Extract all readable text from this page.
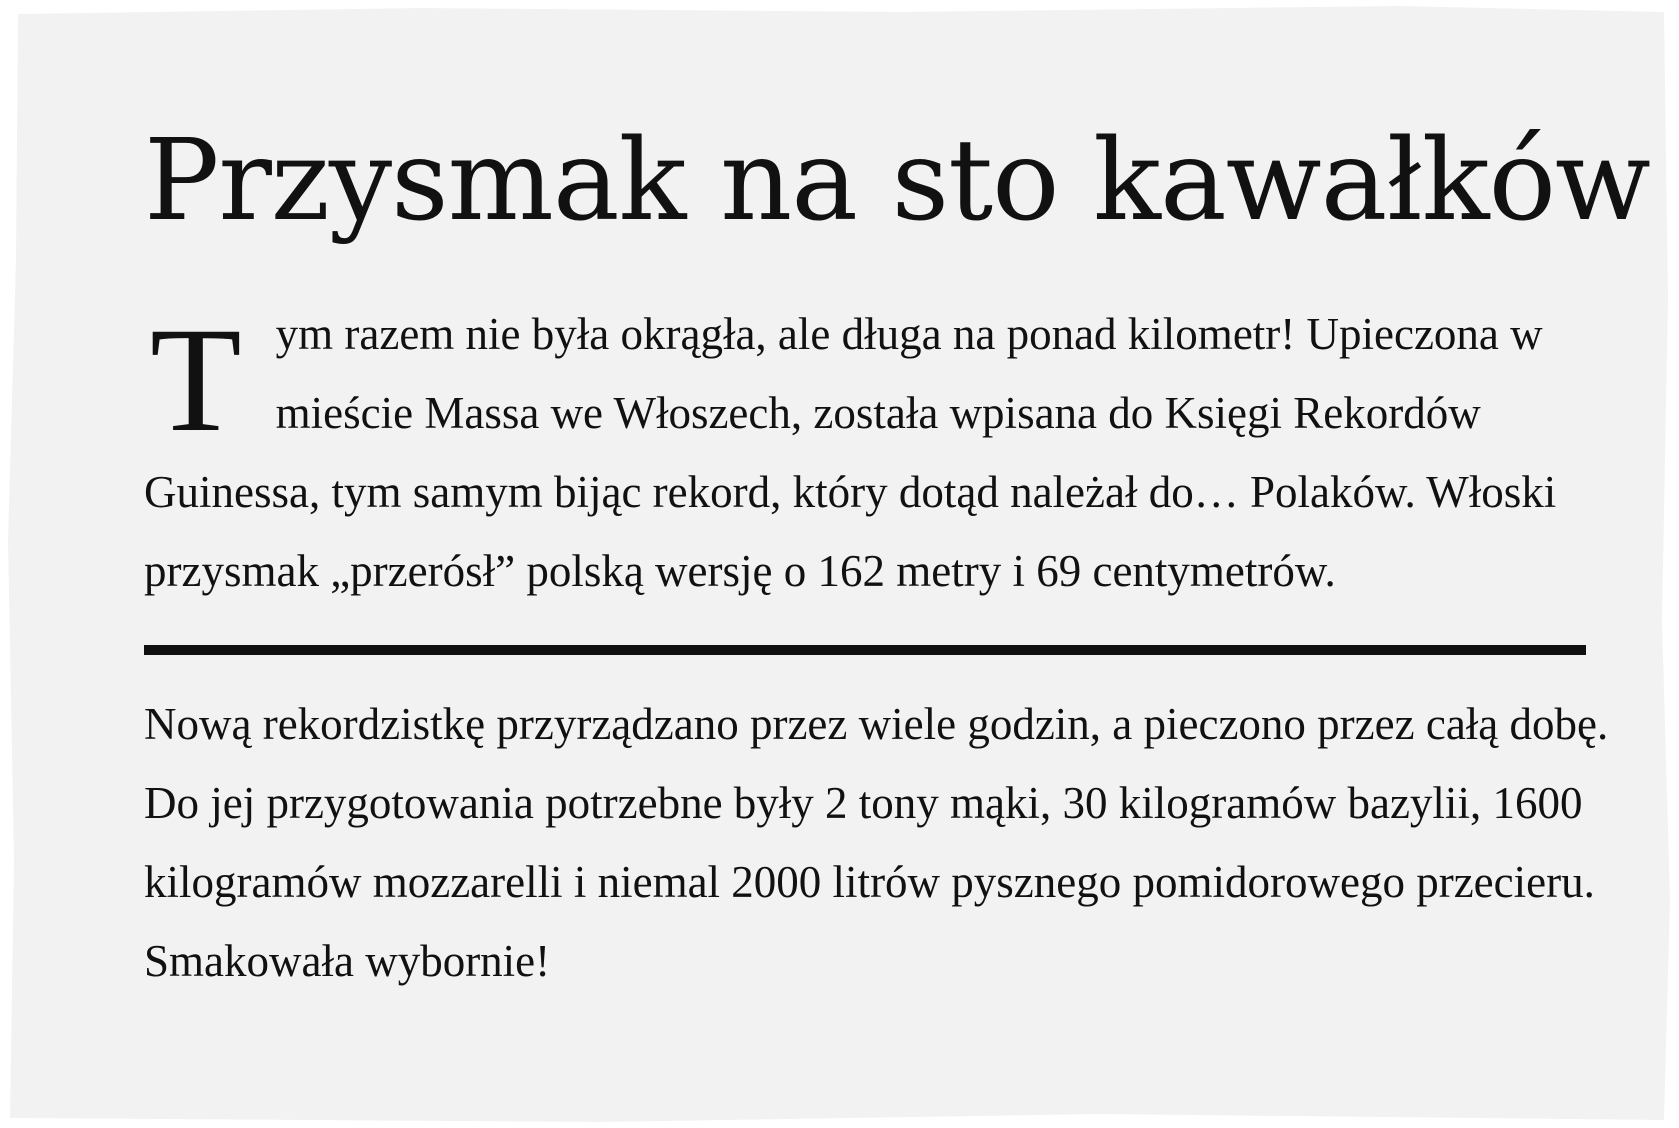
Przysmak na sto kawałków

Tym razem nie była okrągła, ale długa na ponad kilometr! Upieczona w mieście Massa we Włoszech, została wpisana do Księgi Rekordów Guinessa, tym samym bijąc rekord, który dotąd należał do… Polaków. Włoski przysmak „przerósł” polską wersję o 162 metry i 69 centymetrów.

Nową rekordzistkę przyrządzano przez wiele godzin, a pieczono przez całą dobę. Do jej przygotowania potrzebne były 2 tony mąki, 30 kilogramów bazylii, 1600 kilogramów mozzarelli i niemal 2000 litrów pysznego pomidorowego przecieru. Smakowała wybornie!
